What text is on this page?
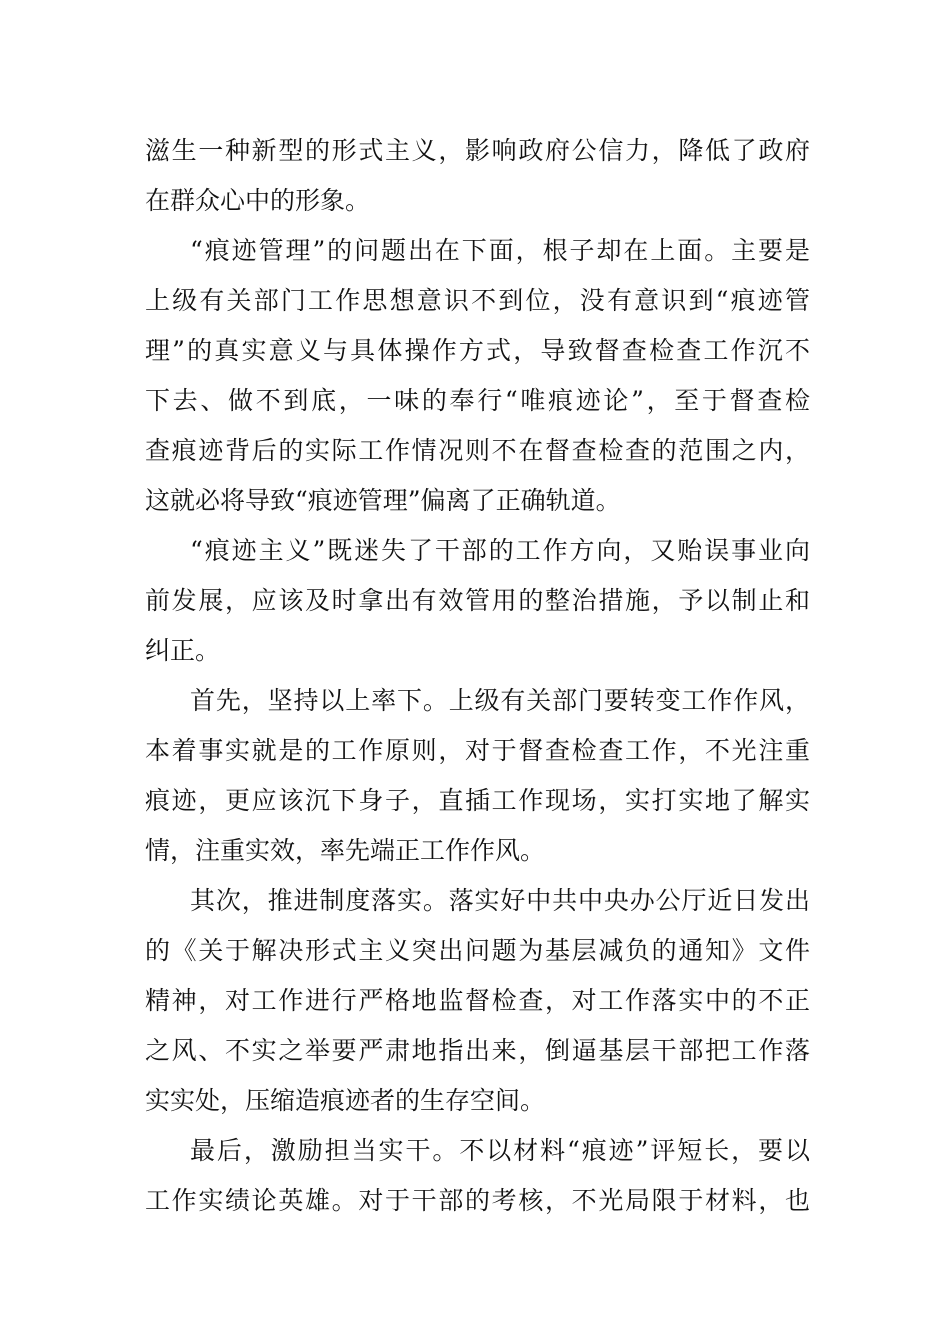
滋生一种新型的形式主义，影响政府公信力，降低了政府
在群众心中的形象。
“痕迹管理”的问题出在下面，根子却在上面。主要是
上级有关部门工作思想意识不到位，没有意识到“痕迹管
理”的真实意义与具体操作方式，导致督查检查工作沉不
下去、做不到底，一味的奉行“唯痕迹论”，至于督查检
查痕迹背后的实际工作情况则不在督查检查的范围之内，
这就必将导致“痕迹管理”偏离了正确轨道。
“痕迹主义”既迷失了干部的工作方向，又贻误事业向
前发展，应该及时拿出有效管用的整治措施，予以制止和
纠正。
首先，坚持以上率下。上级有关部门要转变工作作风，
本着事实就是的工作原则，对于督查检查工作，不光注重
痕迹，更应该沉下身子，直插工作现场，实打实地了解实
情，注重实效，率先端正工作作风。
其次，推进制度落实。落实好中共中央办公厅近日发出
的《关于解决形式主义突出问题为基层减负的通知》文件
精神，对工作进行严格地监督检查，对工作落实中的不正
之风、不实之举要严肃地指出来，倒逼基层干部把工作落
实实处，压缩造痕迹者的生存空间。
最后，激励担当实干。不以材料“痕迹”评短长，要以
工作实绩论英雄。对于干部的考核，不光局限于材料，也
